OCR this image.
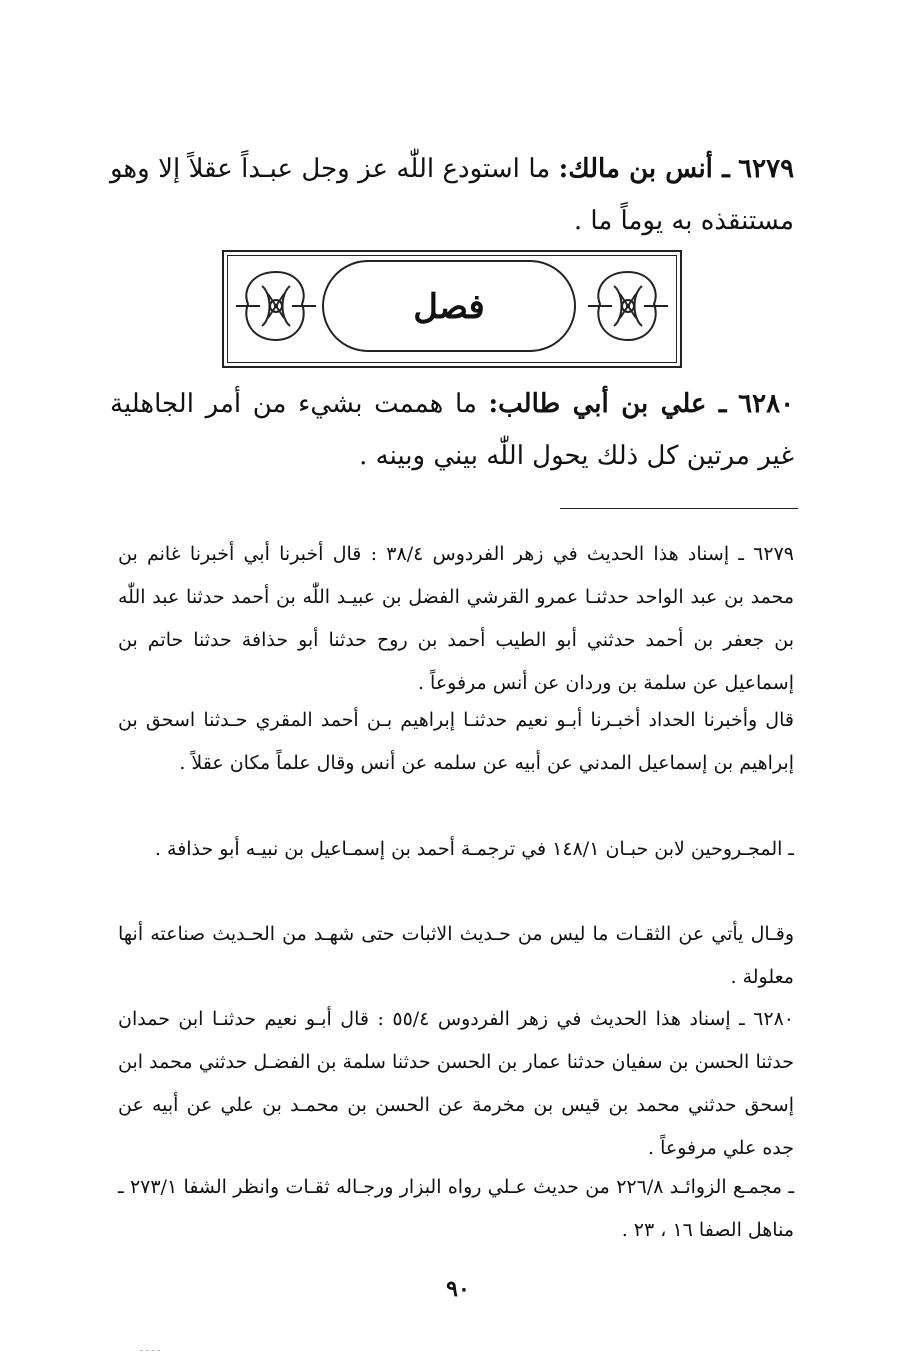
٦٢٧٩ ـ أنس بن مالك: ما استودع اللّٰه عز وجل عبـداً عقلاً إلا وهو مستنقذه به يوماً ما .
فصل
٦٢٨٠ ـ علي بن أبي طالب: ما هممت بشيء من أمر الجاهلية غير مرتين كل ذلك يحول اللّٰه بيني وبينه .
٦٢٧٩ ـ إسناد هذا الحديث في زهر الفردوس ٣٨/٤ : قال أخبرنا أبي أخبرنا غانم بن محمد بن عبد الواحد حدثنـا عمرو القرشي الفضل بن عبيـد اللّٰه بن أحمد حدثنا عبد اللّٰه بن جعفر بن أحمد حدثني أبو الطيب أحمد بن روح حدثنا أبو حذافة حدثنا حاتم بن إسماعيل عن سلمة بن وردان عن أنس مرفوعاً .
قال وأخبرنا الحداد أخبـرنا أبـو نعيم حدثنـا إبراهيم بـن أحمد المقري حـدثنا اسحق بن إبراهيم بن إسماعيل المدني عن أبيه عن سلمه عن أنس وقال علماً مكان عقلاً .
ـ المجـروحين لابن حبـان ١٤٨/١ في ترجمـة أحمد بن إسمـاعيل بن نبيـه أبو حذافة .
وقـال يأتي عن الثقـات ما ليس من حـديث الاثبات حتى شهـد من الحـديث صناعته أنها معلولة .
٦٢٨٠ ـ إسناد هذا الحديث في زهر الفردوس ٥٥/٤ : قال أبـو نعيم حدثنـا ابن حمدان حدثنا الحسن بن سفيان حدثنا عمار بن الحسن حدثنا سلمة بن الفضـل حدثني محمد ابن إسحق حدثني محمد بن قيس بن مخرمة عن الحسن بن محمـد بن علي عن أبيه عن جده علي مرفوعاً .
ـ مجمـع الزوائـد ٢٢٦/٨ من حديث عـلي رواه البزار ورجـاله ثقـات وانظر الشفا ٢٧٣/١ ـ مناهل الصفا ١٦ ، ٢٣ .
٩٠
